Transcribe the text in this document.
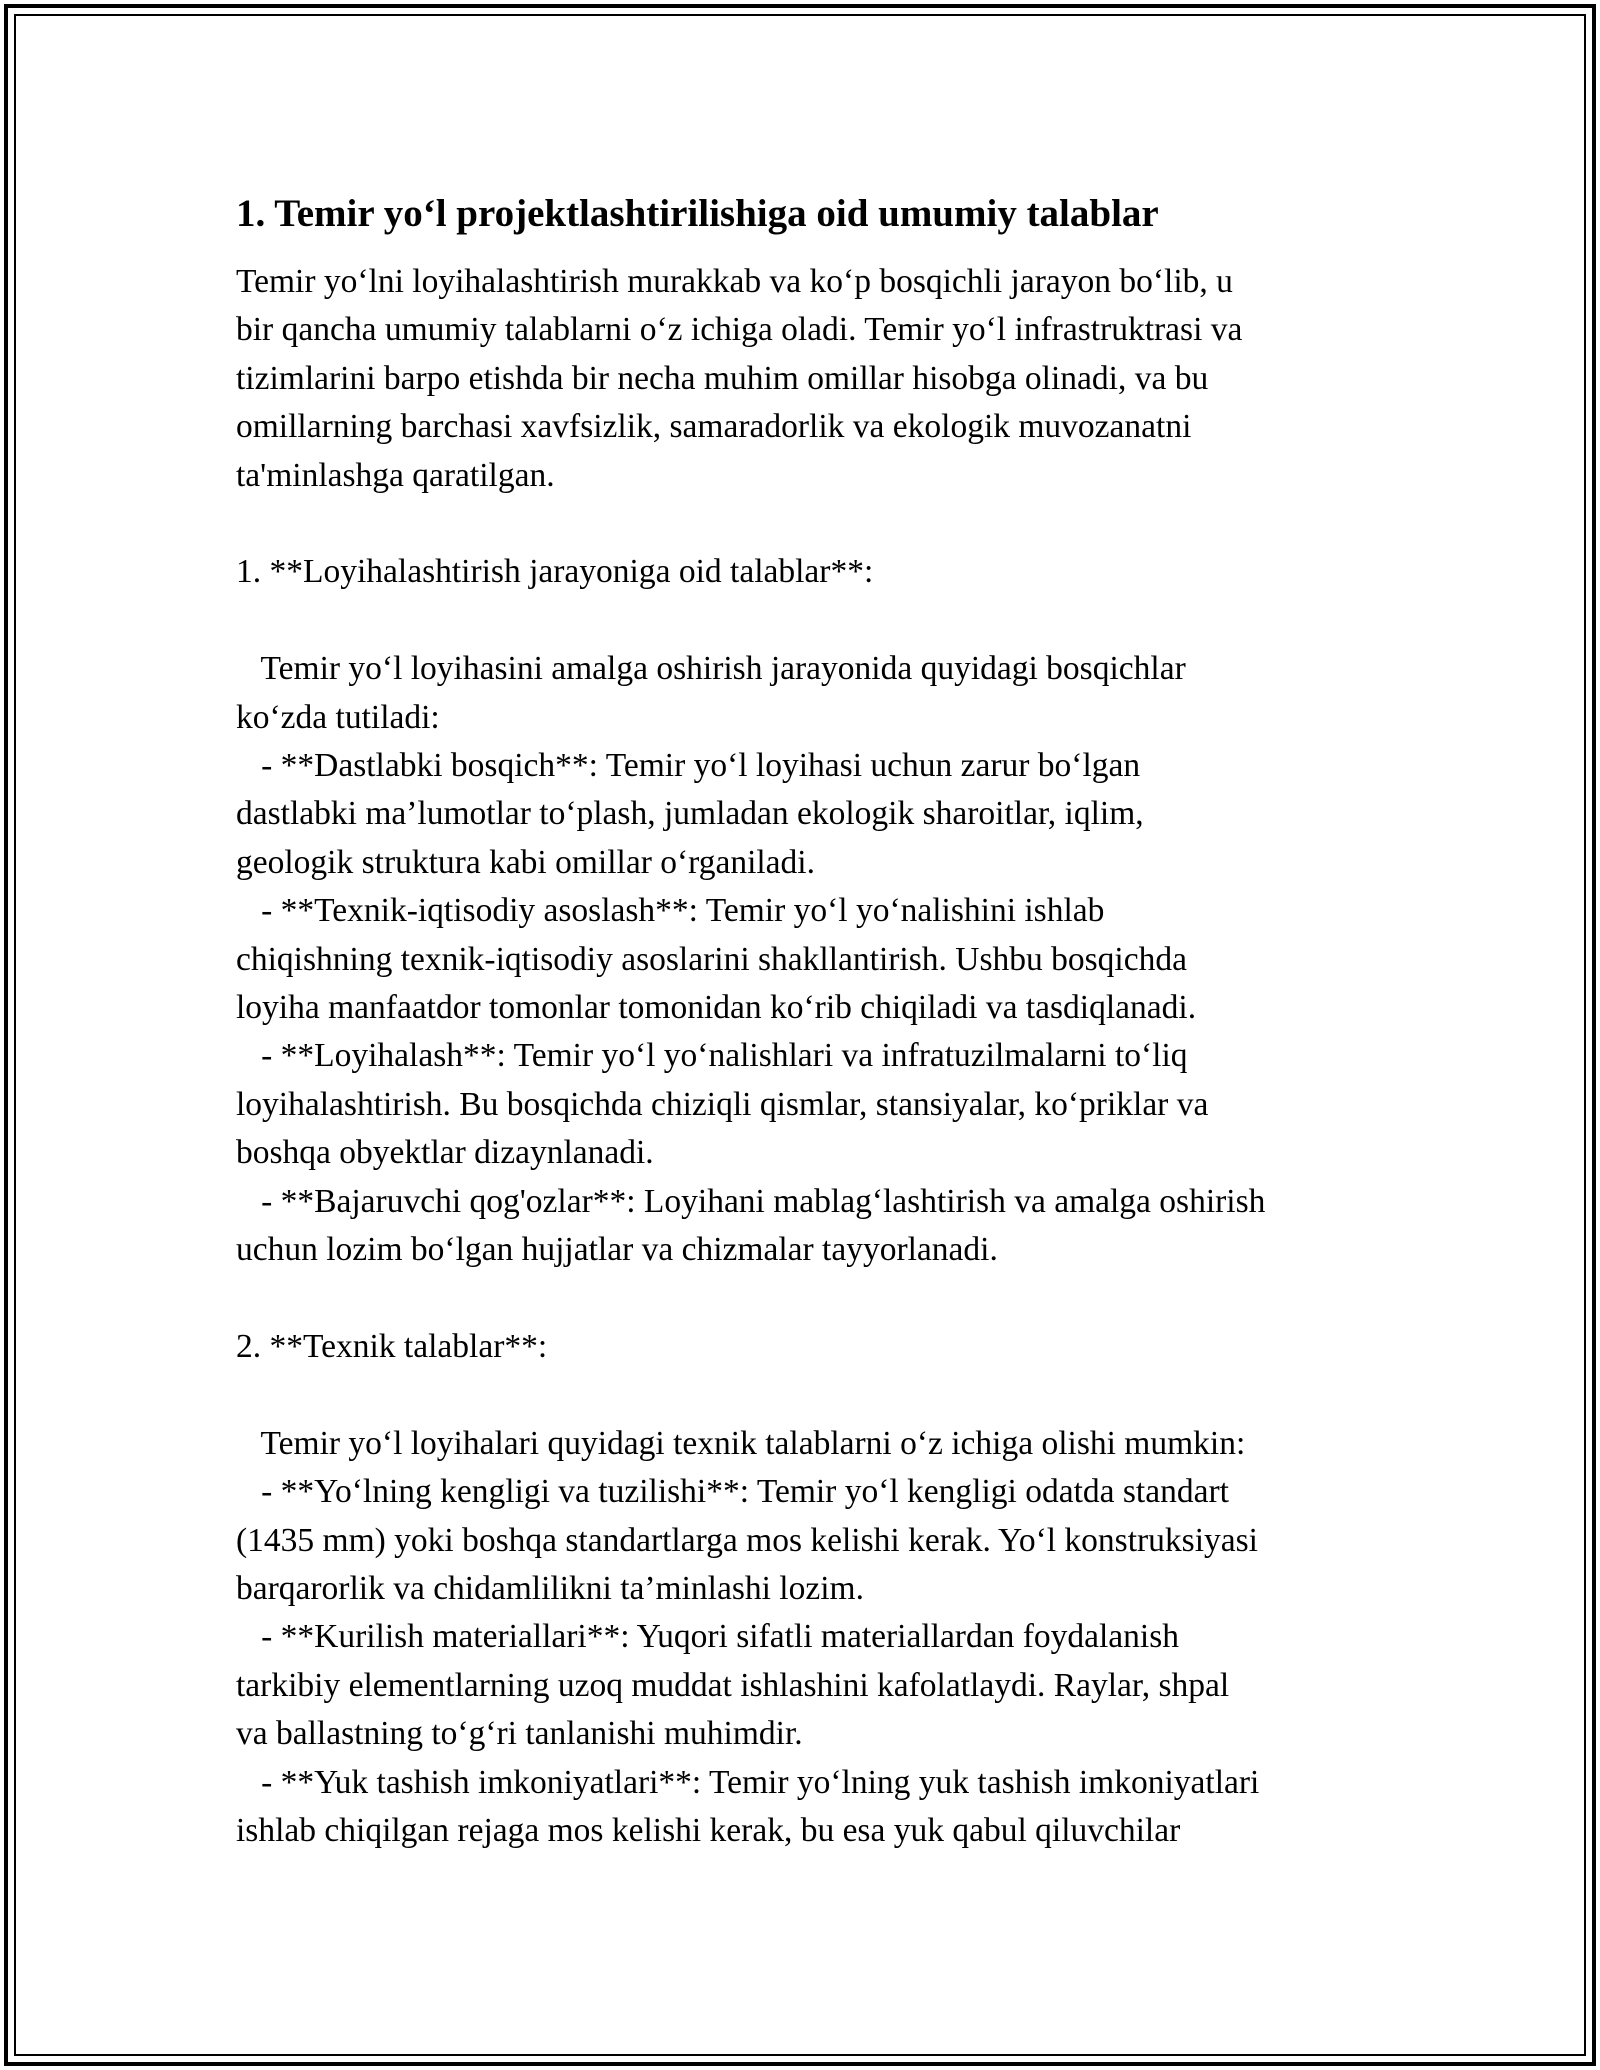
1. Temir yo‘l projektlashtirilishiga oid umumiy talablar
Temir yo‘lni loyihalashtirish murakkab va ko‘p bosqichli jarayon bo‘lib, u
bir qancha umumiy talablarni o‘z ichiga oladi. Temir yo‘l infrastruktrasi va
tizimlarini barpo etishda bir necha muhim omillar hisobga olinadi, va bu
omillarning barchasi xavfsizlik, samaradorlik va ekologik muvozanatni
ta'minlashga qaratilgan.
1. **Loyihalashtirish jarayoniga oid talablar**:
Temir yo‘l loyihasini amalga oshirish jarayonida quyidagi bosqichlar
ko‘zda tutiladi:
- **Dastlabki bosqich**: Temir yo‘l loyihasi uchun zarur bo‘lgan
dastlabki ma’lumotlar to‘plash, jumladan ekologik sharoitlar, iqlim,
geologik struktura kabi omillar o‘rganiladi.
- **Texnik-iqtisodiy asoslash**: Temir yo‘l yo‘nalishini ishlab
chiqishning texnik-iqtisodiy asoslarini shakllantirish. Ushbu bosqichda
loyiha manfaatdor tomonlar tomonidan ko‘rib chiqiladi va tasdiqlanadi.
- **Loyihalash**: Temir yo‘l yo‘nalishlari va infratuzilmalarni to‘liq
loyihalashtirish. Bu bosqichda chiziqli qismlar, stansiyalar, ko‘priklar va
boshqa obyektlar dizaynlanadi.
- **Bajaruvchi qog'ozlar**: Loyihani mablag‘lashtirish va amalga oshirish
uchun lozim bo‘lgan hujjatlar va chizmalar tayyorlanadi.
2. **Texnik talablar**:
Temir yo‘l loyihalari quyidagi texnik talablarni o‘z ichiga olishi mumkin:
- **Yo‘lning kengligi va tuzilishi**: Temir yo‘l kengligi odatda standart
(1435 mm) yoki boshqa standartlarga mos kelishi kerak. Yo‘l konstruksiyasi
barqarorlik va chidamlilikni ta’minlashi lozim.
- **Kurilish materiallari**: Yuqori sifatli materiallardan foydalanish
tarkibiy elementlarning uzoq muddat ishlashini kafolatlaydi. Raylar, shpal
va ballastning to‘g‘ri tanlanishi muhimdir.
- **Yuk tashish imkoniyatlari**: Temir yo‘lning yuk tashish imkoniyatlari
ishlab chiqilgan rejaga mos kelishi kerak, bu esa yuk qabul qiluvchilar
